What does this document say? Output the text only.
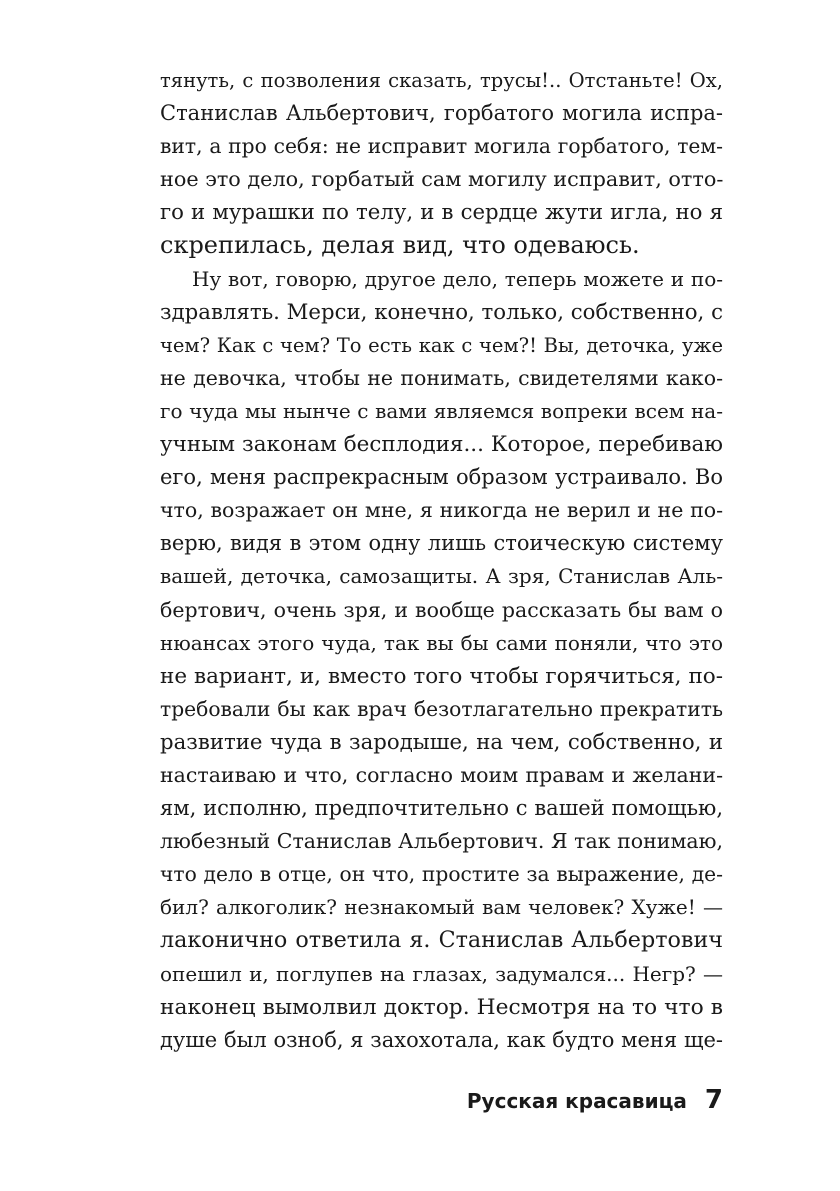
тянуть, с позволения сказать, трусы!.. Отстаньте! Ох,
Станислав Альбертович, горбатого могила испра-
вит, а про себя: не исправит могила горбатого, тем-
ное это дело, горбатый сам могилу исправит, отто-
го и мурашки по телу, и в сердце жути игла, но я
скрепилась, делая вид, что одеваюсь.
Ну вот, говорю, другое дело, теперь можете и по-
здравлять. Мерси, конечно, только, собственно, с
чем? Как с чем? То есть как с чем?! Вы, деточка, уже
не девочка, чтобы не понимать, свидетелями како-
го чуда мы нынче с вами являемся вопреки всем на-
учным законам бесплодия... Которое, перебиваю
его, меня распрекрасным образом устраивало. Во
что, возражает он мне, я никогда не верил и не по-
верю, видя в этом одну лишь стоическую систему
вашей, деточка, самозащиты. А зря, Станислав Аль-
бертович, очень зря, и вообще рассказать бы вам о
нюансах этого чуда, так вы бы сами поняли, что это
не вариант, и, вместо того чтобы горячиться, по-
требовали бы как врач безотлагательно прекратить
развитие чуда в зародыше, на чем, собственно, и
настаиваю и что, согласно моим правам и желани-
ям, исполню, предпочтительно с вашей помощью,
любезный Станислав Альбертович. Я так понимаю,
что дело в отце, он что, простите за выражение, де-
бил? алкоголик? незнакомый вам человек? Хуже! —
лаконично ответила я. Станислав Альбертович
опешил и, поглупев на глазах, задумался... Негр? —
наконец вымолвил доктор. Несмотря на то что в
душе был озноб, я захохотала, как будто меня ще-
Русская красавица 7
